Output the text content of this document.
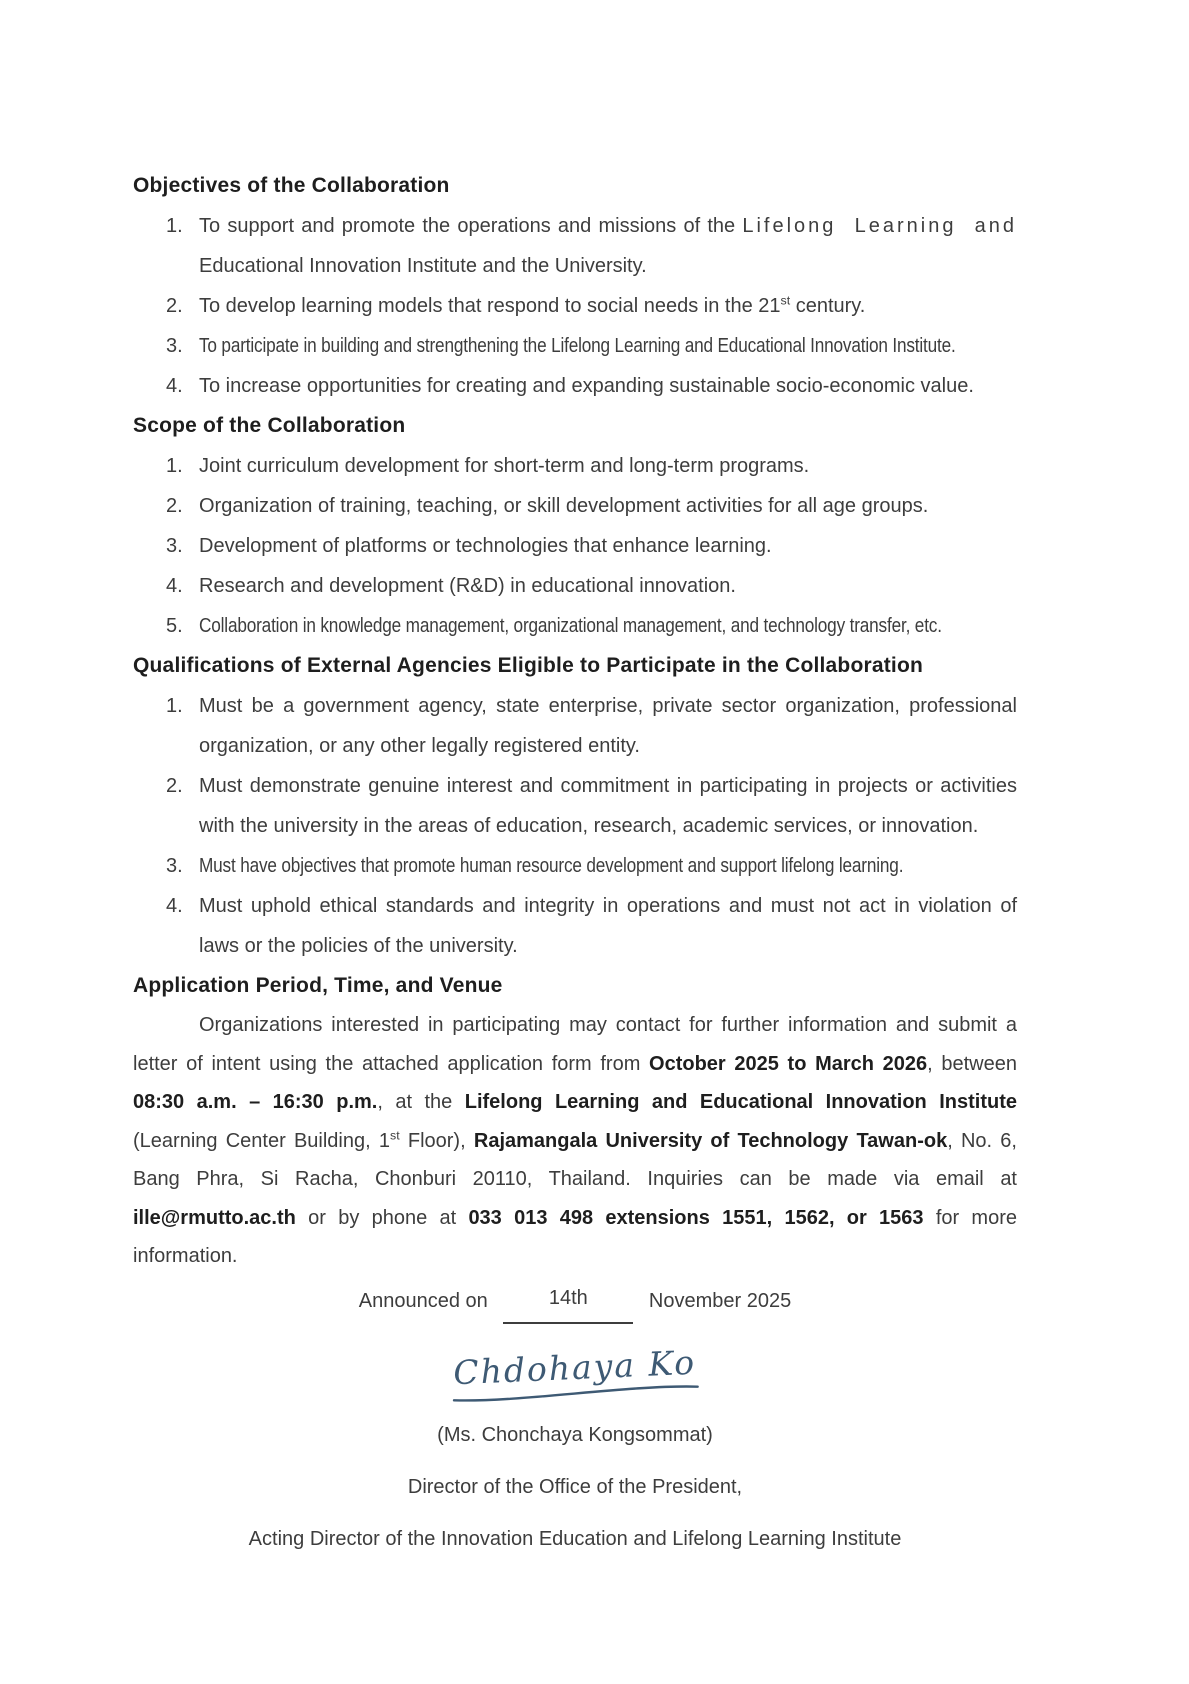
Objectives of the Collaboration
1. To support and promote the operations and missions of the Lifelong Learning and Educational Innovation Institute and the University.
2. To develop learning models that respond to social needs in the 21st century.
3. To participate in building and strengthening the Lifelong Learning and Educational Innovation Institute.
4. To increase opportunities for creating and expanding sustainable socio-economic value.
Scope of the Collaboration
1. Joint curriculum development for short-term and long-term programs.
2. Organization of training, teaching, or skill development activities for all age groups.
3. Development of platforms or technologies that enhance learning.
4. Research and development (R&D) in educational innovation.
5. Collaboration in knowledge management, organizational management, and technology transfer, etc.
Qualifications of External Agencies Eligible to Participate in the Collaboration
1. Must be a government agency, state enterprise, private sector organization, professional organization, or any other legally registered entity.
2. Must demonstrate genuine interest and commitment in participating in projects or activities with the university in the areas of education, research, academic services, or innovation.
3. Must have objectives that promote human resource development and support lifelong learning.
4. Must uphold ethical standards and integrity in operations and must not act in violation of laws or the policies of the university.
Application Period, Time, and Venue
Organizations interested in participating may contact for further information and submit a letter of intent using the attached application form from October 2025 to March 2026, between 08:30 a.m. – 16:30 p.m., at the Lifelong Learning and Educational Innovation Institute (Learning Center Building, 1st Floor), Rajamangala University of Technology Tawan-ok, No. 6, Bang Phra, Si Racha, Chonburi 20110, Thailand. Inquiries can be made via email at ille@rmutto.ac.th or by phone at 033 013 498 extensions 1551, 1562, or 1563 for more information.
Announced on	14th	November 2025
Chdohaya Ko
(Ms. Chonchaya Kongsommat)
Director of the Office of the President,
Acting Director of the Innovation Education and Lifelong Learning Institute
